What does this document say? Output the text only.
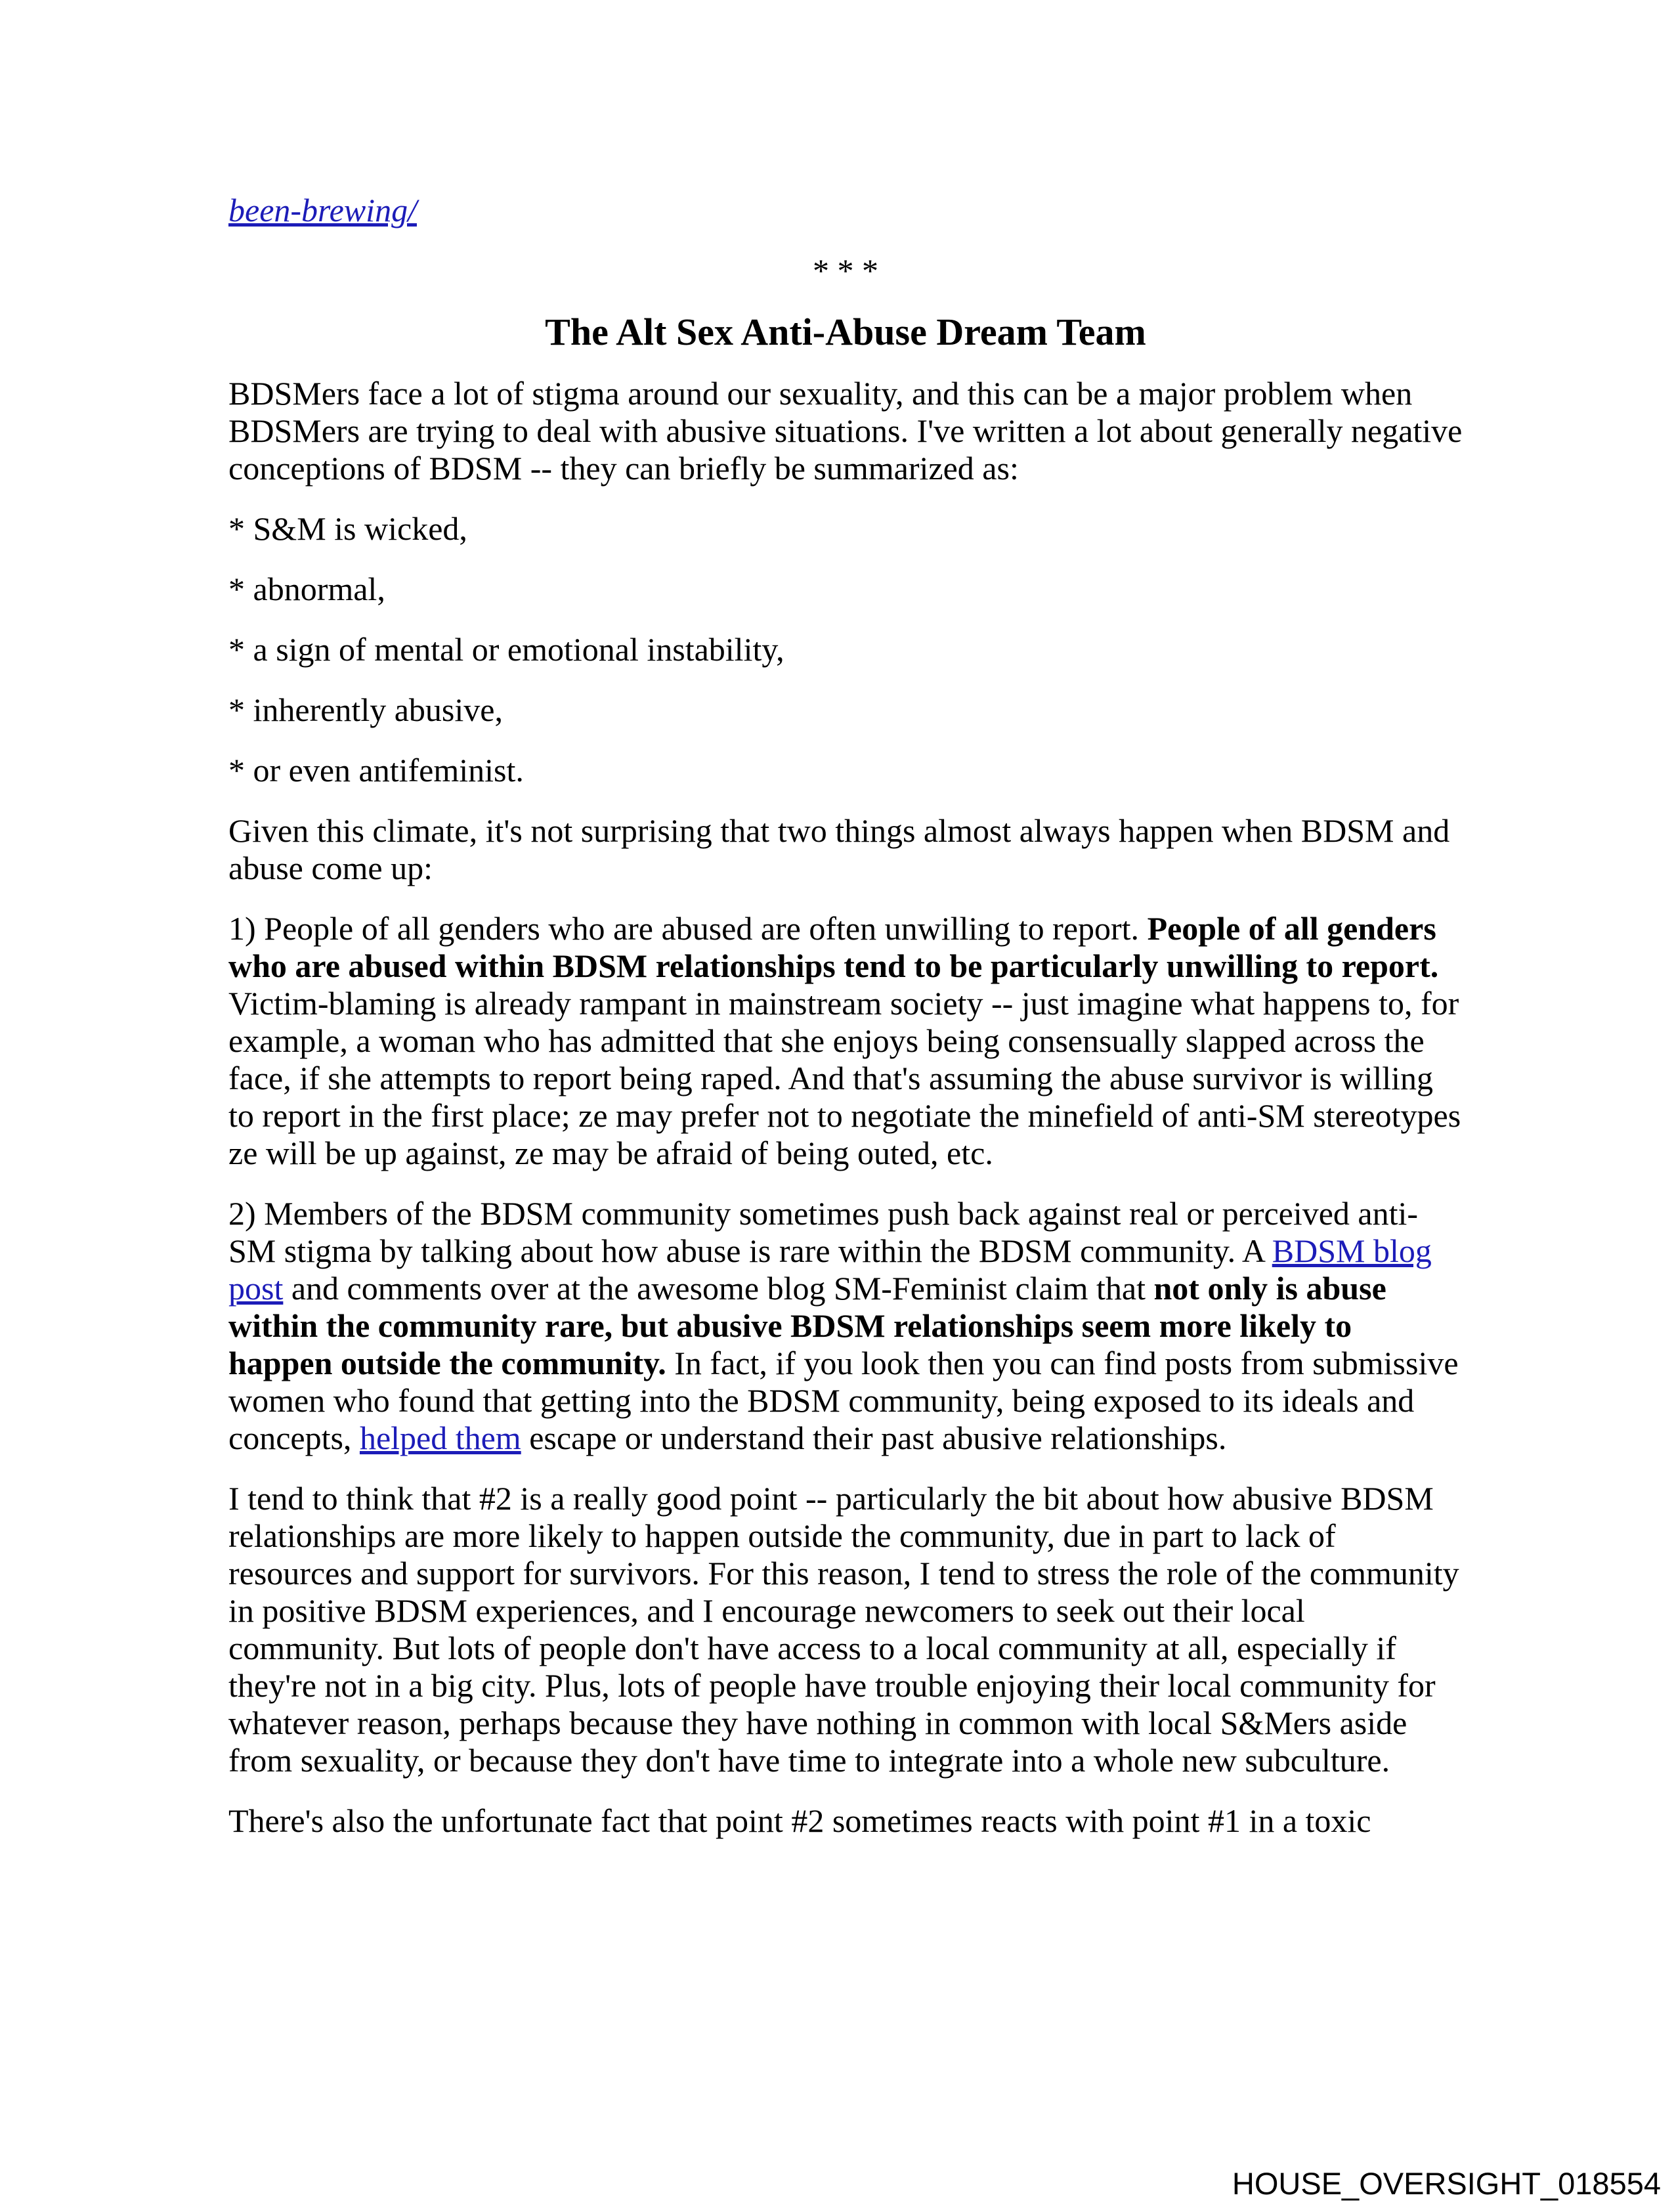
been-brewing/

* * *

The Alt Sex Anti-Abuse Dream Team

BDSMers face a lot of stigma around our sexuality, and this can be a major problem when BDSMers are trying to deal with abusive situations. I've written a lot about generally negative conceptions of BDSM -- they can briefly be summarized as:

* S&M is wicked,

* abnormal,

* a sign of mental or emotional instability,

* inherently abusive,

* or even antifeminist.

Given this climate, it's not surprising that two things almost always happen when BDSM and abuse come up:

1) People of all genders who are abused are often unwilling to report. People of all genders who are abused within BDSM relationships tend to be particularly unwilling to report. Victim-blaming is already rampant in mainstream society -- just imagine what happens to, for example, a woman who has admitted that she enjoys being consensually slapped across the face, if she attempts to report being raped. And that's assuming the abuse survivor is willing to report in the first place; ze may prefer not to negotiate the minefield of anti-SM stereotypes ze will be up against, ze may be afraid of being outed, etc.

2) Members of the BDSM community sometimes push back against real or perceived anti-SM stigma by talking about how abuse is rare within the BDSM community. A BDSM blog post and comments over at the awesome blog SM-Feminist claim that not only is abuse within the community rare, but abusive BDSM relationships seem more likely to happen outside the community. In fact, if you look then you can find posts from submissive women who found that getting into the BDSM community, being exposed to its ideals and concepts, helped them escape or understand their past abusive relationships.

I tend to think that #2 is a really good point -- particularly the bit about how abusive BDSM relationships are more likely to happen outside the community, due in part to lack of resources and support for survivors. For this reason, I tend to stress the role of the community in positive BDSM experiences, and I encourage newcomers to seek out their local community. But lots of people don't have access to a local community at all, especially if they're not in a big city. Plus, lots of people have trouble enjoying their local community for whatever reason, perhaps because they have nothing in common with local S&Mers aside from sexuality, or because they don't have time to integrate into a whole new subculture.

There's also the unfortunate fact that point #2 sometimes reacts with point #1 in a toxic

HOUSE_OVERSIGHT_018554
